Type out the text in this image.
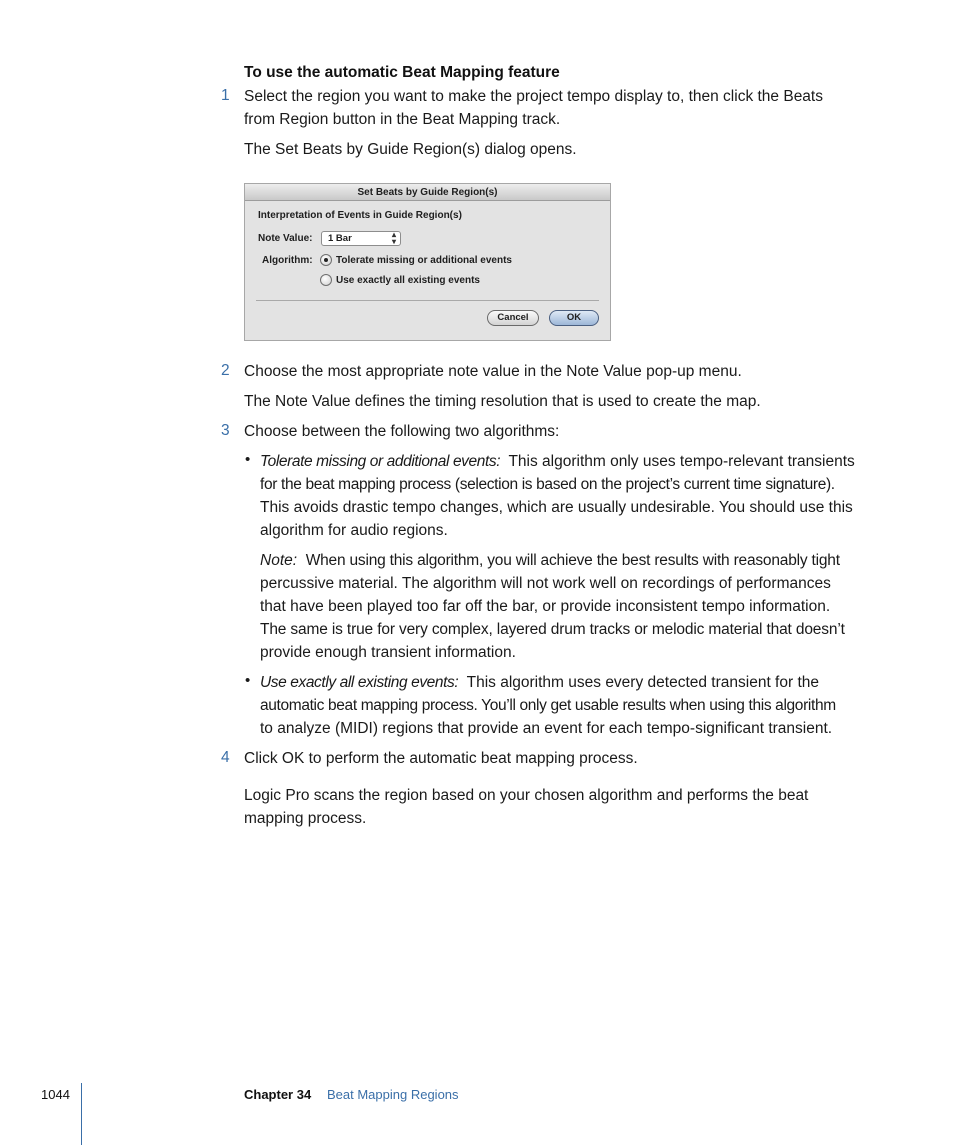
To use the automatic Beat Mapping feature
1 Select the region you want to make the project tempo display to, then click the Beats
from Region button in the Beat Mapping track.
The Set Beats by Guide Region(s) dialog opens.
Set Beats by Guide Region(s)
Interpretation of Events in Guide Region(s)
Note Value:	1 Bar	▴
▾
Algorithm: Tolerate missing or additional events
Use exactly all existing events
Cancel	OK
2 Choose the most appropriate note value in the Note Value pop-up menu.
The Note Value defines the timing resolution that is used to create the map.
3 Choose between the following two algorithms:
• Tolerate missing or additional events: This algorithm only uses tempo-relevant transients
for the beat mapping process (selection is based on the project’s current time signature).
This avoids drastic tempo changes, which are usually undesirable. You should use this
algorithm for audio regions.
Note: When using this algorithm, you will achieve the best results with reasonably tight
percussive material. The algorithm will not work well on recordings of performances
that have been played too far off the bar, or provide inconsistent tempo information.
The same is true for very complex, layered drum tracks or melodic material that doesn’t
provide enough transient information.
• Use exactly all existing events: This algorithm uses every detected transient for the
automatic beat mapping process. You’ll only get usable results when using this algorithm
to analyze (MIDI) regions that provide an event for each tempo-significant transient.
4 Click OK to perform the automatic beat mapping process.
Logic Pro scans the region based on your chosen algorithm and performs the beat
mapping process.
1044	Chapter 34 Beat Mapping Regions
